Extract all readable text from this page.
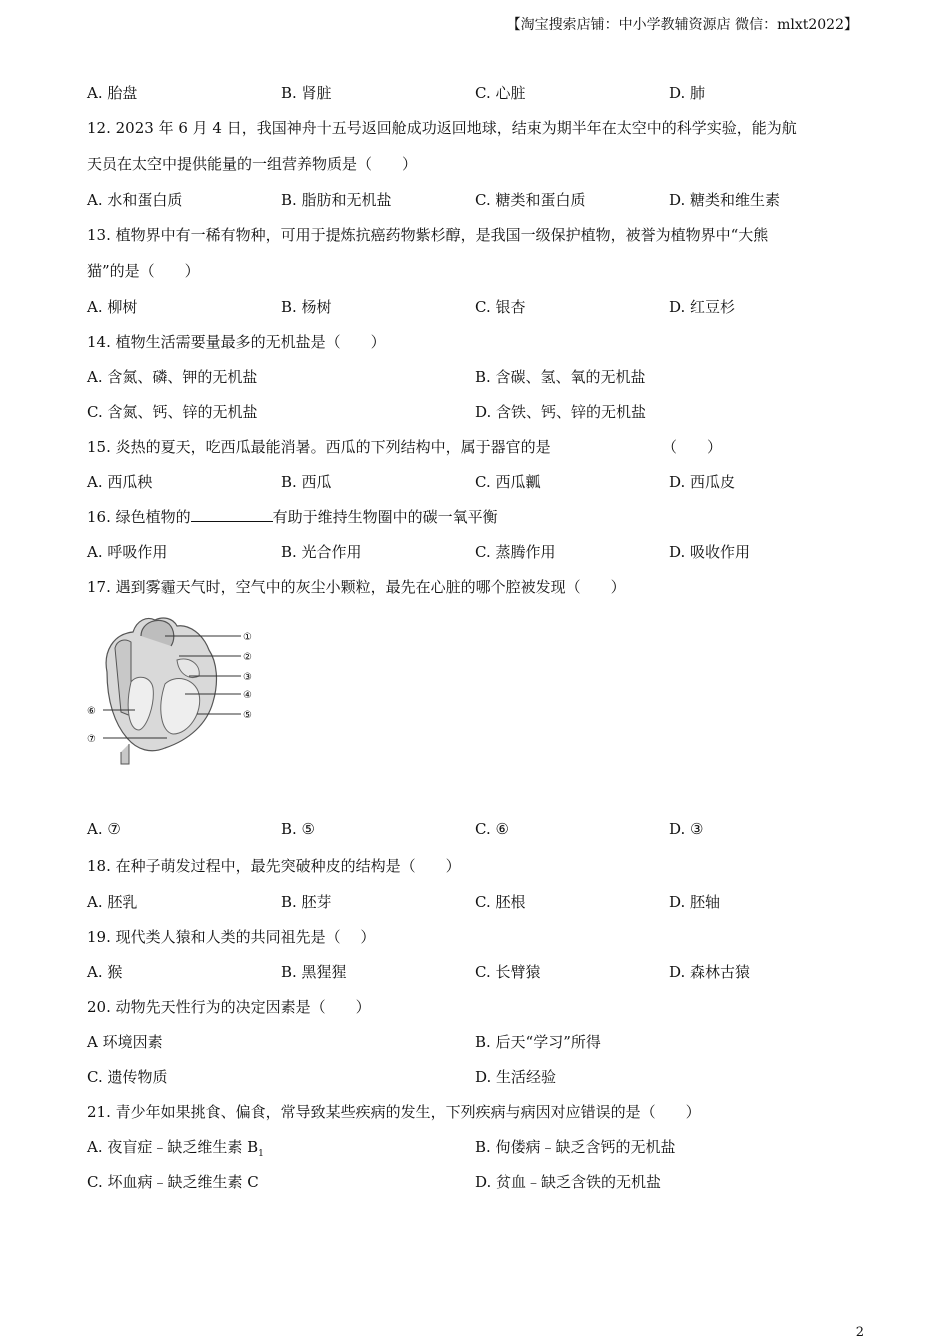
【淘宝搜索店铺：中小学教辅资源店 微信：mlxt2022】
A. 胎盘	B. 肾脏	C. 心脏	D. 肺
12. 2023 年 6 月 4 日，我国神舟十五号返回舱成功返回地球，结束为期半年在太空中的科学实验，能为航
天员在太空中提供能量的一组营养物质是（　　）
A. 水和蛋白质	B. 脂肪和无机盐	C. 糖类和蛋白质	D. 糖类和维生素
13. 植物界中有一稀有物种，可用于提炼抗癌药物紫杉醇，是我国一级保护植物，被誉为植物界中“大熊
猫”的是（　　）
A. 柳树	B. 杨树	C. 银杏	D. 红豆杉
14. 植物生活需要量最多的无机盐是（　　）
A. 含氮、磷、钾的无机盐	B. 含碳、氢、氧的无机盐
C. 含氮、钙、锌的无机盐	D. 含铁、钙、锌的无机盐
15. 炎热的夏天，吃西瓜最能消暑。西瓜的下列结构中，属于器官的是	（　　）
A. 西瓜秧	B. 西瓜	C. 西瓜瓤	D. 西瓜皮
16. 绿色植物的	有助于维持生物圈中的碳一氧平衡
A. 呼吸作用	B. 光合作用	C. 蒸腾作用	D. 吸收作用
17. 遇到雾霾天气时，空气中的灰尘小颗粒，最先在心脏的哪个腔被发现（　　）
①
②
③
④
⑤
⑥
⑦
A. ⑦	B. ⑤	C. ⑥	D. ③
18. 在种子萌发过程中，最先突破种皮的结构是（　　）
A. 胚乳	B. 胚芽	C. 胚根	D. 胚轴
19. 现代类人猿和人类的共同祖先是（　 ）
A. 猴	B. 黑猩猩	C. 长臂猿	D. 森林古猿
20. 动物先天性行为的决定因素是（　　）
A 环境因素	B. 后天“学习”所得
C. 遗传物质	D. 生活经验
21. 青少年如果挑食、偏食，常导致某些疾病的发生，下列疾病与病因对应错误的是（　　）
A. 夜盲症﹣缺乏维生素 $B_1$	B. 佝偻病﹣缺乏含钙的无机盐
C. 坏血病﹣缺乏维生素 C	D. 贫血﹣缺乏含铁的无机盐
2
